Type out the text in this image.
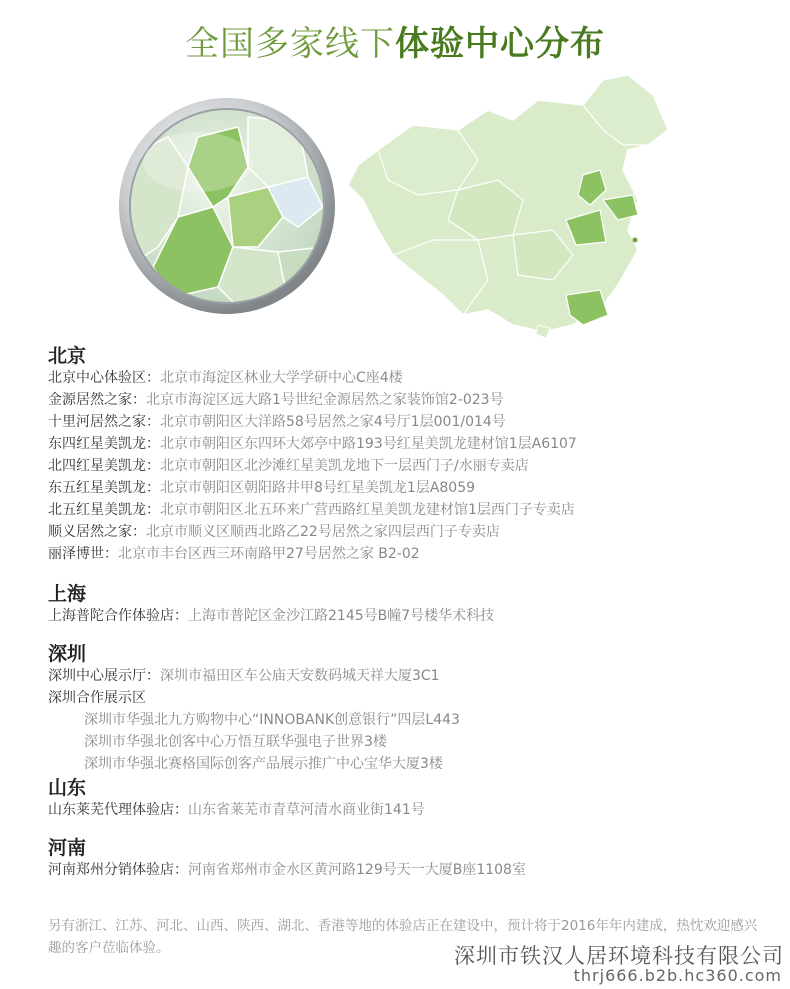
全国多家线下体验中心分布
北京
北京中心体验区：北京市海淀区林业大学学研中心C座4楼
金源居然之家：北京市海淀区远大路1号世纪金源居然之家装饰馆2-023号
十里河居然之家：北京市朝阳区大洋路58号居然之家4号厅1层001/014号
东四红星美凯龙：北京市朝阳区东四环大郊亭中路193号红星美凯龙建材馆1层A6107
北四红星美凯龙：北京市朝阳区北沙滩红星美凯龙地下一层西门子/水丽专卖店
东五红星美凯龙：北京市朝阳区朝阳路井甲8号红星美凯龙1层A8059
北五红星美凯龙：北京市朝阳区北五环来广营西路红星美凯龙建材馆1层西门子专卖店
顺义居然之家：北京市顺义区顺西北路乙22号居然之家四层西门子专卖店
丽泽博世：北京市丰台区西三环南路甲27号居然之家 B2-02
上海
上海普陀合作体验店：上海市普陀区金沙江路2145号B幢7号楼华术科技
深圳
深圳中心展示厅：深圳市福田区车公庙天安数码城天祥大厦3C1
深圳合作展示区
深圳市华强北九方购物中心“INNOBANK创意银行”四层L443
深圳市华强北创客中心万悟互联华强电子世界3楼
深圳市华强北赛格国际创客产品展示推广中心宝华大厦3楼
山东
山东莱芜代理体验店：山东省莱芜市青草河清水商业街141号
河南
河南郑州分销体验店：河南省郑州市金水区黄河路129号天一大厦B座1108室
另有浙江、江苏、河北、山西、陕西、湖北、香港等地的体验店正在建设中，预计将于2016年年内建成，热忱欢迎感兴趣的客户莅临体验。	深圳市铁汉人居环境科技有限公司
thrj666.b2b.hc360.com
